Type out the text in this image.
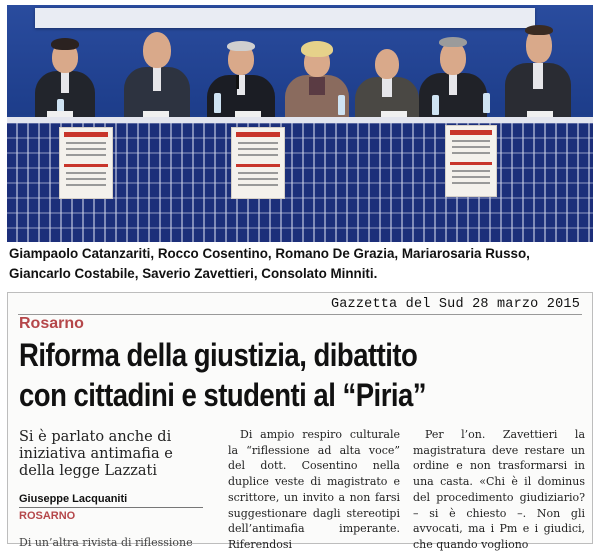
Giampaolo Catanzariti, Rocco Cosentino, Romano De Grazia, Mariarosaria Russo, Giancarlo Costabile, Saverio Zavettieri, Consolato Minniti.
Gazzetta del Sud 28 marzo 2015
Rosarno
Riforma della giustizia, dibattito
con cittadini e studenti al “Piria”
Si è parlato anche di iniziativa antimafia e della legge Lazzati
Giuseppe Lacquaniti
ROSARNO
Di un’altra rivista di riflessione

Di ampio respiro culturale la “riflessione ad alta voce” del dott. Cosentino nella duplice veste di magistrato e scrittore, un invito a non farsi suggestionare dagli stereotipi dell’antimafia imperante. Riferendosi

Per l’on. Zavettieri la magistratura deve restare un ordine e non trasformarsi in una casta. «Chi è il dominus del procedimento giudiziario? – si è chiesto –. Non gli avvocati, ma i Pm e i giudici, che quando vogliono
